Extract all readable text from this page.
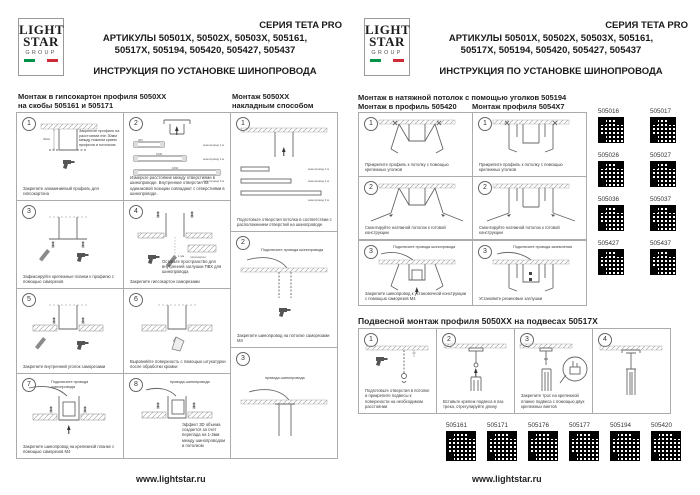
LIGHT
STAR
GROUP
СЕРИЯ TETA PRO
АРТИКУЛЫ 50501X, 50502X, 50503X, 505161,
50517X, 505194, 505420, 505427, 505437
ИНСТРУКЦИЯ ПО УСТАНОВКЕ ШИНОПРОВОДА
Монтаж в гипсокартон профиля 5050XX
на скобы 505161 и 505171
Монтаж 5050XX
накладным способом
1
30мм
Закрепите профиль на расстоянии min 30мм между нижним краем профиля и потолком
Закрепите алюминиевый профиль для гипсокартона
2
шинопровод 1 м
250
шинопровод 2 м
1000
шинопровод 3 м
1060
Измерьте расстояние между отверстиями в шинопроводе. Внутренние отверстия на одинаковой позиции совпадают с отверстиями в шинопроводе.
3
Зафиксируйте крепежные планки к профилю с помощью саморезов
4
гипсокартон
1 мм
Оставьте пространство для внутренней заглушки ПВХ для шинопровода
Закрепите гипсокартон саморезами
5
Закрепите внутренний уголок саморезами
6
Выровняйте поверхность с помощью штукатурки после обработки кромки
7	Подключите провода шинопровода
Закрепите шинопровод на крепежной планке с помощью саморезов М4
8	провода шинопровода
Эффект 3D объема создается за счет перепада на 1-2мм между шинопроводом и потолком
1
шинопровод 1 м
шинопровод 2 м
шинопровод 3 м
Подготовьте отверстия потолка в соответствии с расположением отверстий на шинопроводе
2
Подключите провода шинопровода
Закрепите шинопровод на потолке саморезами М4
3
провода шинопровода
www.lightstar.ru
LIGHT
STAR
GROUP
СЕРИЯ TETA PRO
АРТИКУЛЫ 50501X, 50502X, 50503X, 505161,
50517X, 505194, 505420, 505427, 505437
ИНСТРУКЦИЯ ПО УСТАНОВКЕ ШИНОПРОВОДА
Монтаж в натяжной потолок с помощью уголков 505194
Монтаж в профиль 505420 Монтаж профиля 5054X7
1
Прикрепите профиль к потолку с помощью крепежных уголков
2
Смонтируйте натяжной потолок к готовой конструкции
3
Подключите провода шинопровода
Закрепите шинопровод к установочной конструкции с помощью саморезов М4
1
Прикрепите профиль к потолку с помощью крепежных уголков
2
Смонтируйте натяжной потолок к готовой конструкции
3
Подключите провода заземления
Установите резиновые заглушки
505016	505017
505026	505027
505036	505037
505427	505437
Подвесной монтаж профиля 5050XX на подвесах 50517X
1
Подготовьте отверстия в потолке и прикрепите подвесы к поверхности на необходимом расстоянии
2
Вставьте крепеж подвеса в паз трека, отрегулируйте длину
3
Закрепите трос на крепежной планке подвеса с помощью двух крепежных винтов
4
505161	505171	505176	505177	505194	505420
www.lightstar.ru
